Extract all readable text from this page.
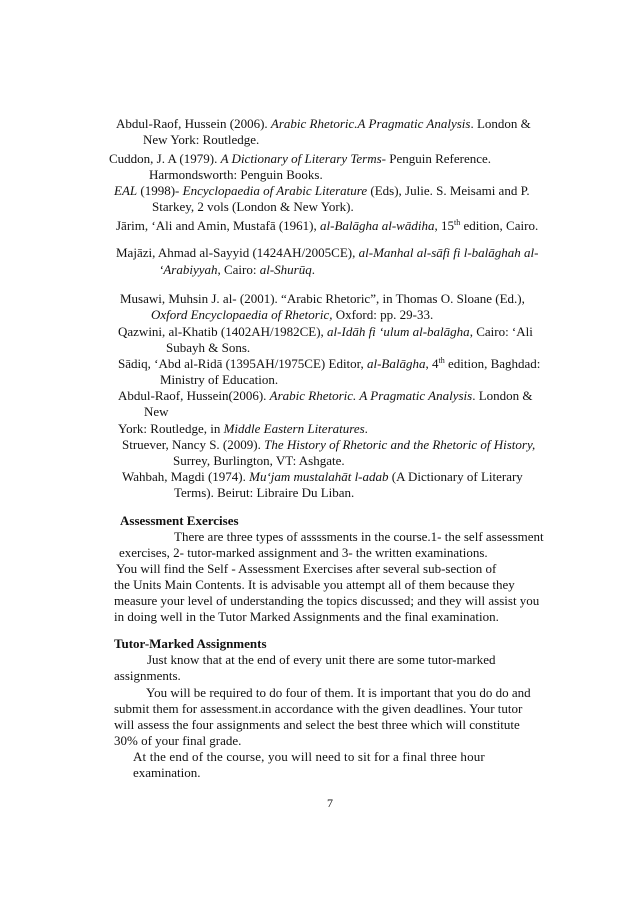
Abdul-Raof, Hussein (2006). Arabic Rhetoric.A Pragmatic Analysis. London &
New York: Routledge.
Cuddon, J. A (1979). A Dictionary of Literary Terms- Penguin Reference.
Harmondsworth: Penguin Books.
EAL (1998)- Encyclopaedia of Arabic Literature (Eds), Julie. S. Meisami and P.
Starkey, 2 vols (London & New York).
Jārim, ‘Ali and Amin, Mustafā (1961), al-Balāgha al-wādiha, 15th edition, Cairo.
Majāzi, Ahmad al-Sayyid (1424AH/2005CE), al-Manhal al-sāfi fi l-balāghah al-
‘Arabiyyah, Cairo: al-Shurūq.
Musawi, Muhsin J. al- (2001). “Arabic Rhetoric”, in Thomas O. Sloane (Ed.),
Oxford Encyclopaedia of Rhetoric, Oxford: pp. 29-33.
Qazwini, al-Khatib (1402AH/1982CE), al-Idāh fi ‘ulum al-balāgha, Cairo: ‘Ali
Subayh & Sons.
Sādiq, ‘Abd al-Ridā (1395AH/1975CE) Editor, al-Balāgha, 4th edition, Baghdad:
Ministry of Education.
Abdul-Raof, Hussein(2006). Arabic Rhetoric. A Pragmatic Analysis. London &
New
York: Routledge, in Middle Eastern Literatures.
Struever, Nancy S. (2009). The History of Rhetoric and the Rhetoric of History,
Surrey, Burlington, VT: Ashgate.
Wahbah, Magdi (1974). Mu‘jam mustalahāt l-adab (A Dictionary of Literary
Terms). Beirut: Libraire Du Liban.
Assessment Exercises
There are three types of assssments in the course.1- the self assessment
exercises, 2- tutor-marked assignment and 3- the written examinations.
You will find the Self - Assessment Exercises after several sub-section of
the Units Main Contents. It is advisable you attempt all of them because they
measure your level of understanding the topics discussed; and they will assist you
in doing well in the Tutor Marked Assignments and the final examination.
Tutor-Marked Assignments
Just know that at the end of every unit there are some tutor-marked
assignments.
You will be required to do four of them. It is important that you do do and
submit them for assessment.in accordance with the given deadlines. Your tutor
will assess the four assignments and select the best three which will constitute
30% of your final grade.
At the end of the course, you will need to sit for a final three hour
examination.
7
